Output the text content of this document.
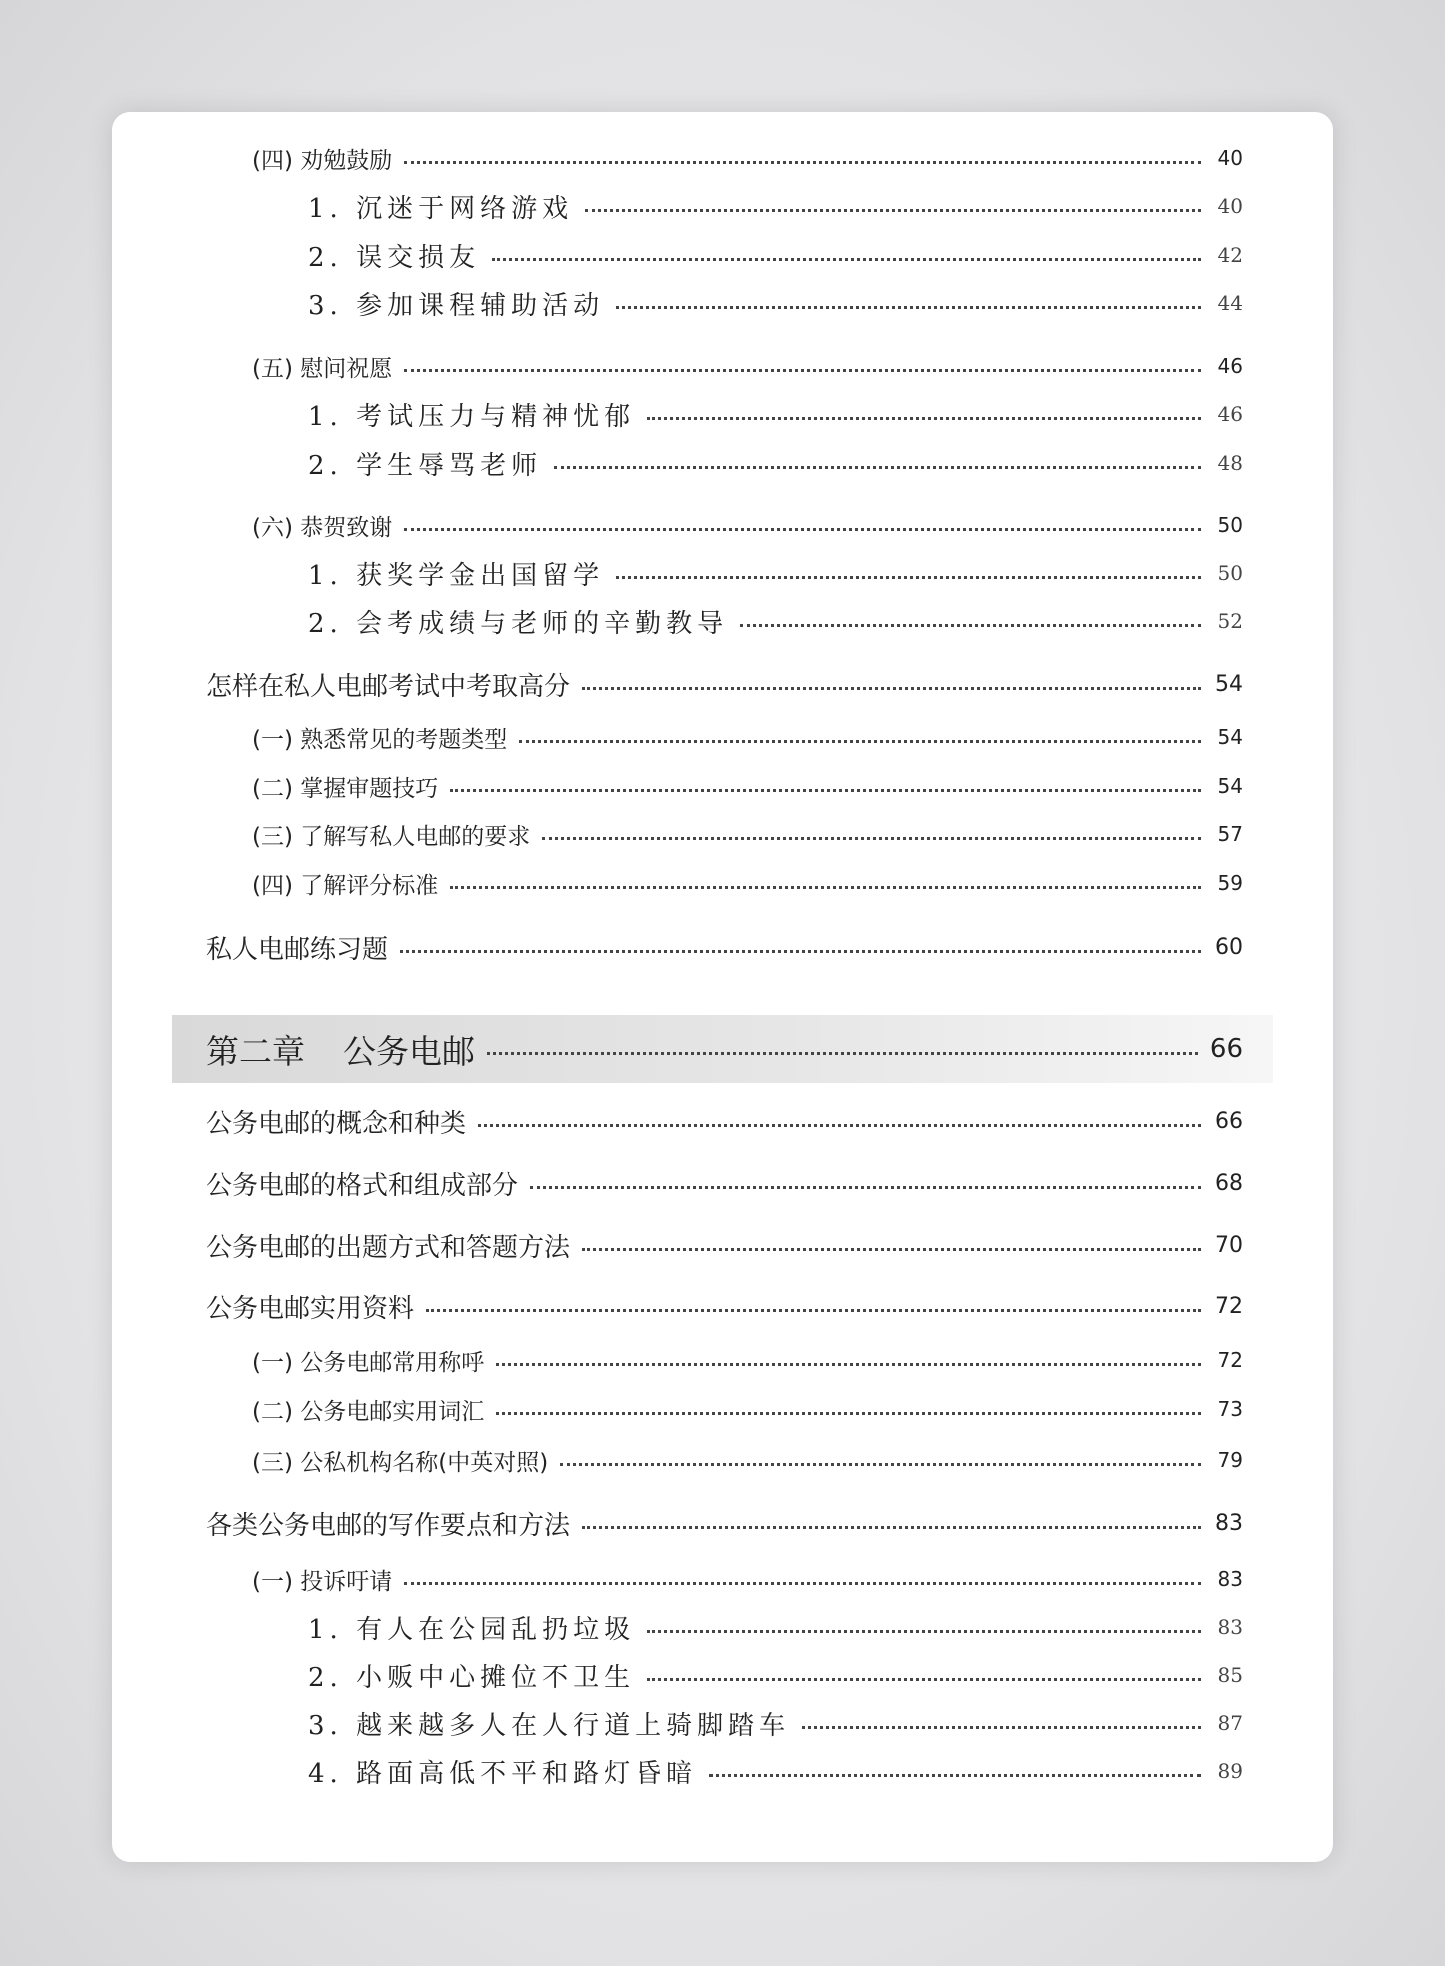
(四) 劝勉鼓励	40
1. 沉迷于网络游戏	40
2. 误交损友	42
3. 参加课程辅助活动	44
(五) 慰问祝愿	46
1. 考试压力与精神忧郁	46
2. 学生辱骂老师	48
(六) 恭贺致谢	50
1. 获奖学金出国留学	50
2. 会考成绩与老师的辛勤教导	52
怎样在私人电邮考试中考取高分	54
(一) 熟悉常见的考题类型	54
(二) 掌握审题技巧	54
(三) 了解写私人电邮的要求	57
(四) 了解评分标准	59
私人电邮练习题	60
第二章 公务电邮	66
公务电邮的概念和种类	66
公务电邮的格式和组成部分	68
公务电邮的出题方式和答题方法	70
公务电邮实用资料	72
(一) 公务电邮常用称呼	72
(二) 公务电邮实用词汇	73
(三) 公私机构名称(中英对照)	79
各类公务电邮的写作要点和方法	83
(一) 投诉吁请	83
1. 有人在公园乱扔垃圾	83
2. 小贩中心摊位不卫生	85
3. 越来越多人在人行道上骑脚踏车	87
4. 路面高低不平和路灯昏暗	89
